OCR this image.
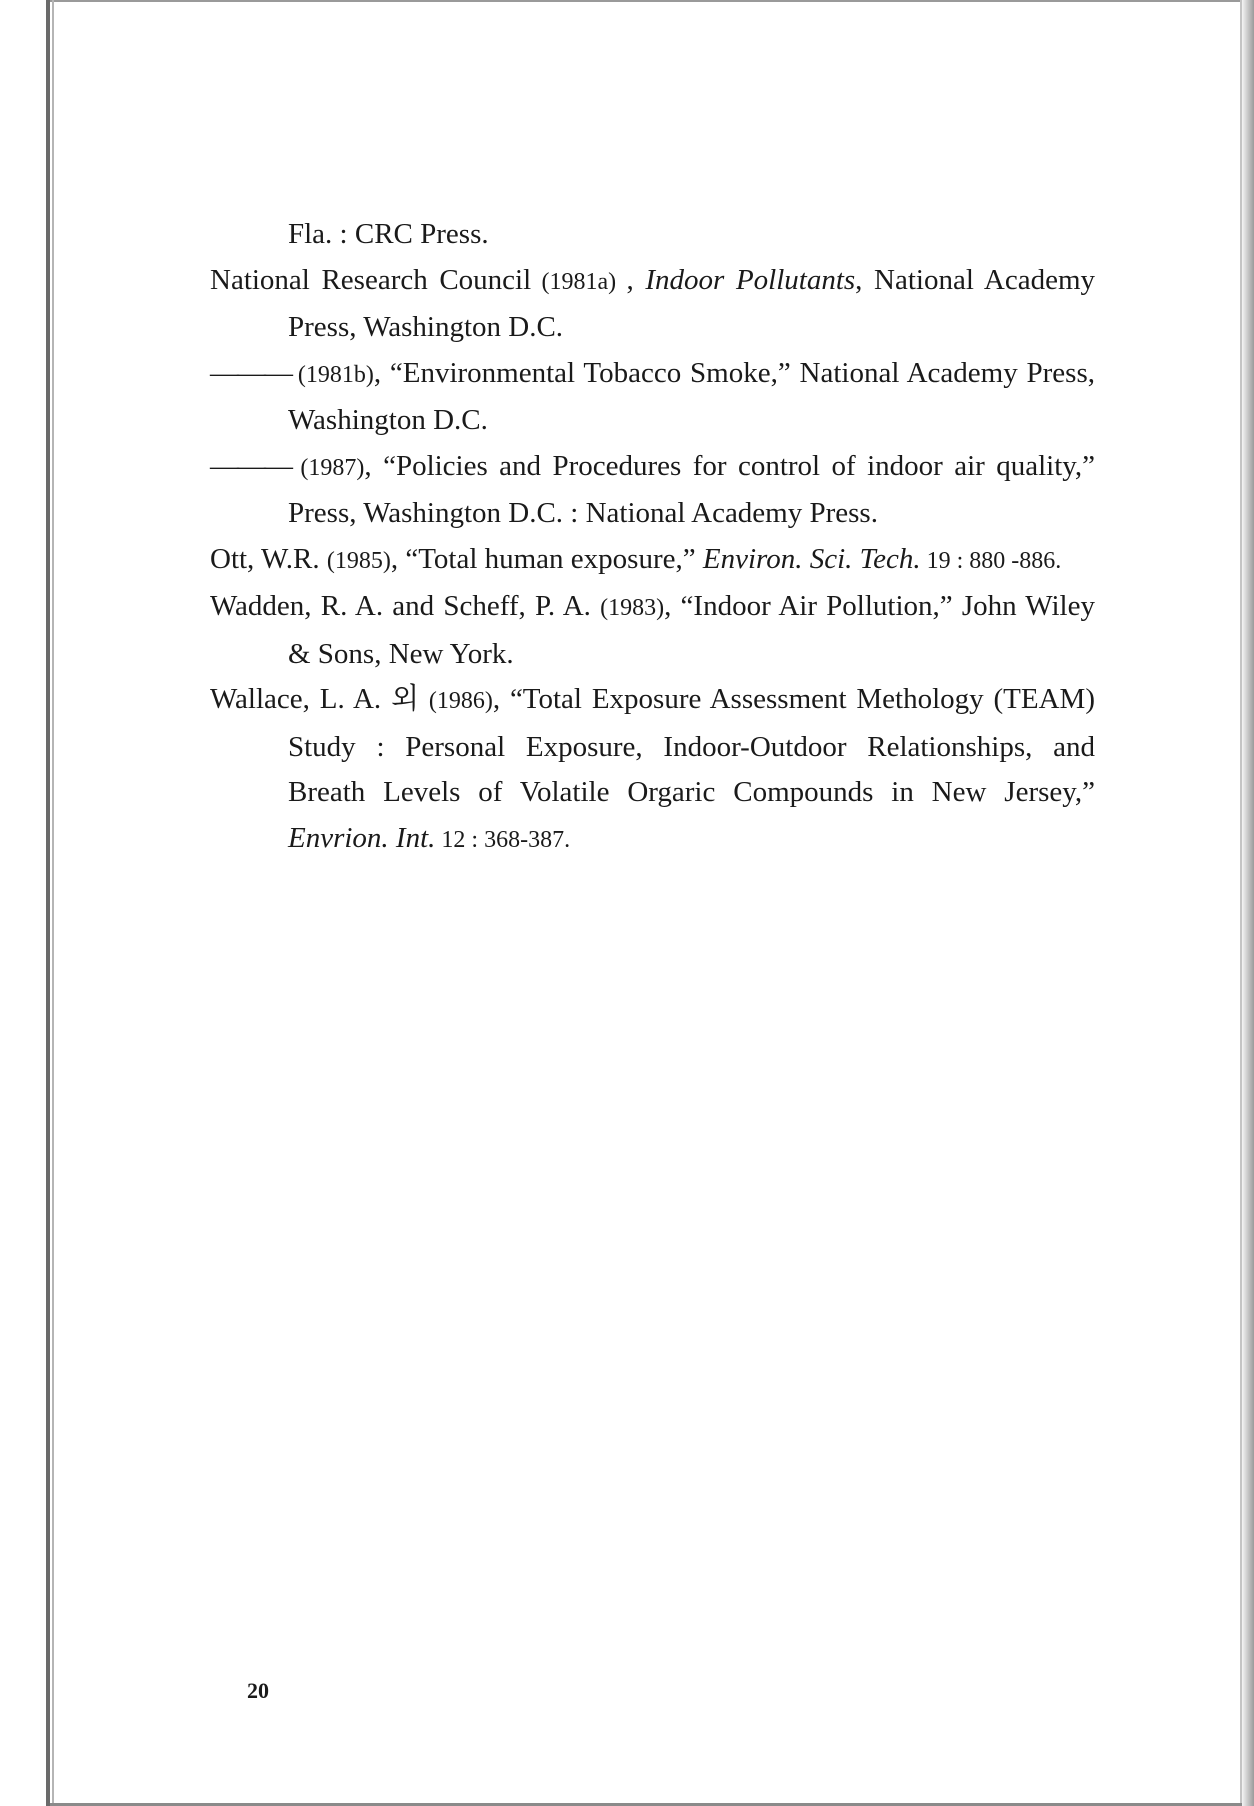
Fla. : CRC Press.
National Research Council (1981a) , Indoor Pollutants, National Academy Press, Washington D.C.
——— (1981b), “Environmental Tobacco Smoke,” National Academy Press, Washington D.C.
——— (1987), “Policies and Procedures for control of indoor air quality,” Press, Washington D.C. : National Academy Press.
Ott, W.R. (1985), “Total human exposure,” Environ. Sci. Tech. 19 : 880 -886.
Wadden, R. A. and Scheff, P. A. (1983), “Indoor Air Pollution,” John Wiley & Sons, New York.
Wallace, L. A. 외 (1986), “Total Exposure Assessment Methology (TEAM) Study : Personal Exposure, Indoor-Outdoor Relationships, and Breath Levels of Volatile Orgaric Compounds in New Jersey,” Envrion. Int. 12 : 368-387.
20
